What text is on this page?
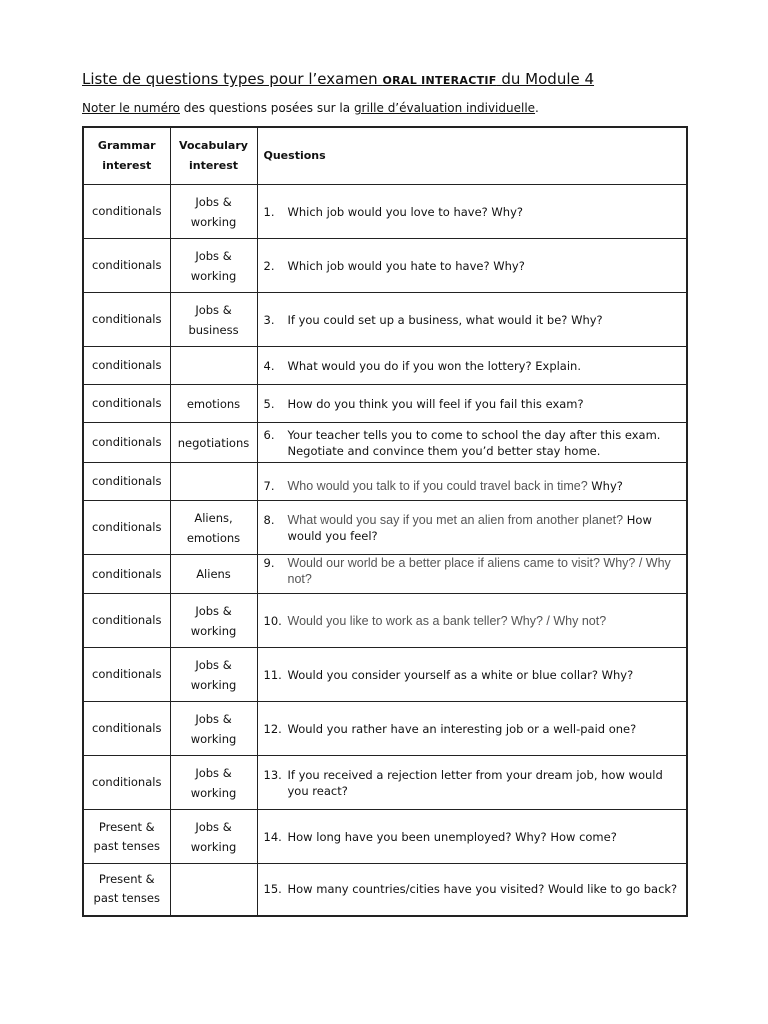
Liste de questions types pour l’examen ORAL INTERACTIF du Module 4
Noter le numéro des questions posées sur la grille d’évaluation individuelle.
Grammar interest	Vocabulary interest	Questions
conditionals	Jobs & working	1. Which job would you love to have? Why?

conditionals	Jobs & working	2. Which job would you hate to have? Why?

conditionals	Jobs & business	3. If you could set up a business, what would it be? Why?

conditionals		4. What would you do if you won the lottery? Explain.

conditionals	emotions	5. How do you think you will feel if you fail this exam?

conditionals	negotiations	6. Your teacher tells you to come to school the day after this exam. Negotiate and convince them you’d better stay home.

conditionals		7. Who would you talk to if you could travel back in time? Why?

conditionals	Aliens, emotions	8. What would you say if you met an alien from another planet? How would you feel?

conditionals	Aliens	9. Would our world be a better place if aliens came to visit? Why? / Why not?

conditionals	Jobs & working	10. Would you like to work as a bank teller? Why? / Why not?

conditionals	Jobs & working	11. Would you consider yourself as a white or blue collar? Why?

conditionals	Jobs & working	12. Would you rather have an interesting job or a well-paid one?

conditionals	Jobs & working	13. If you received a rejection letter from your dream job, how would you react?

Present & past tenses	Jobs & working	14. How long have you been unemployed? Why? How come?

Present & past tenses		15. How many countries/cities have you visited? Would like to go back?
